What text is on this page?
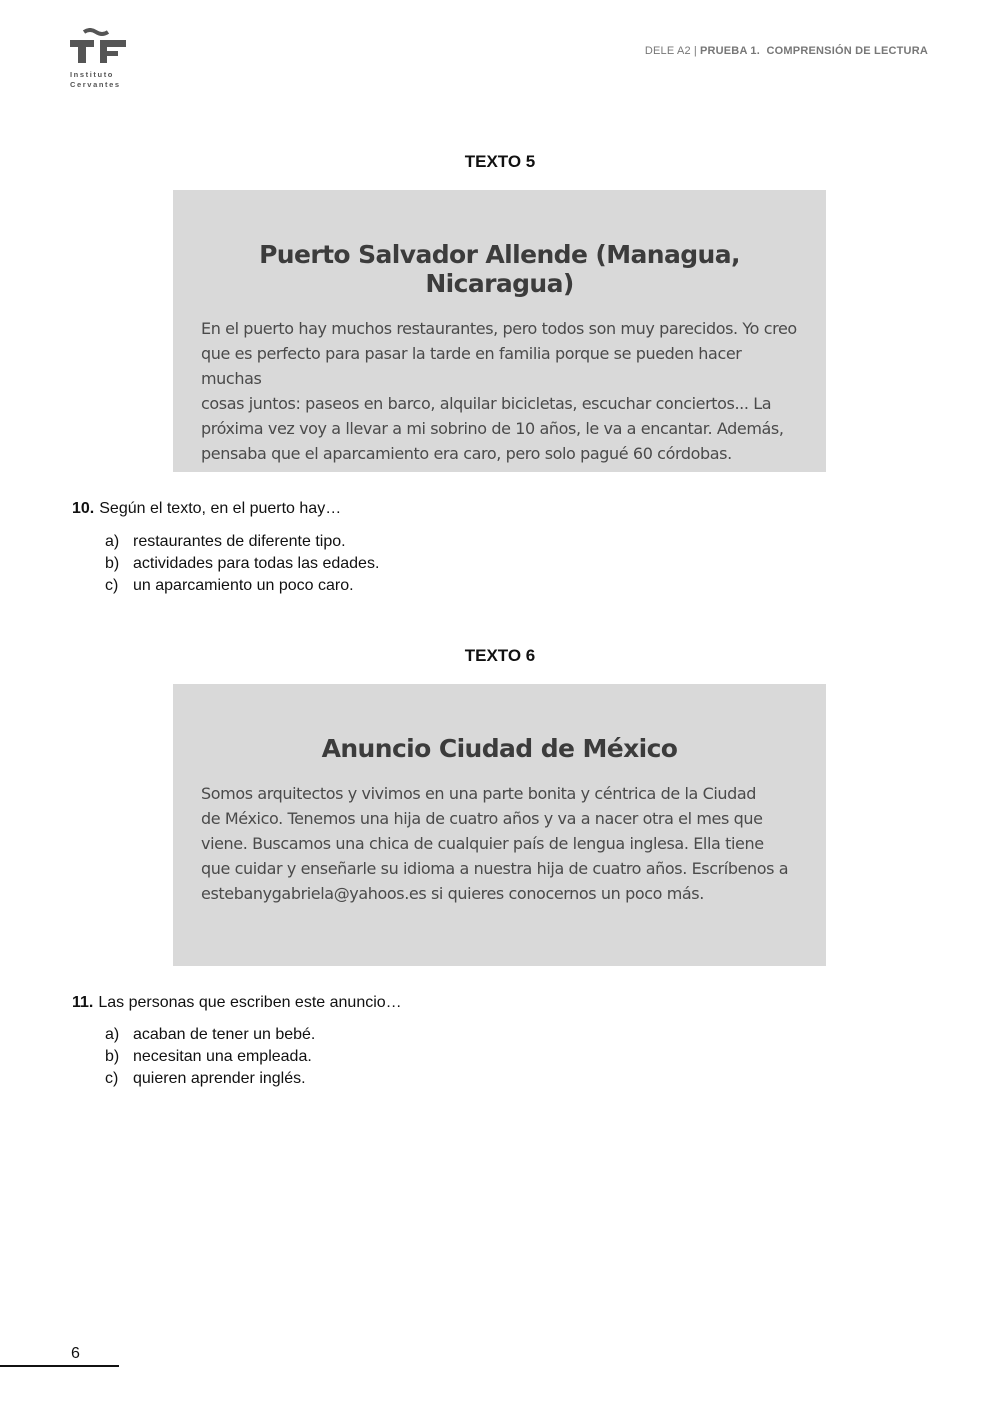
Instituto
Cervantes
DELE A2 | PRUEBA 1. COMPRENSIÓN DE LECTURA
TEXTO 5
Puerto Salvador Allende (Managua, Nicaragua)

En el puerto hay muchos restaurantes, pero todos son muy parecidos. Yo creo
que es perfecto para pasar la tarde en familia porque se pueden hacer muchas
cosas juntos: paseos en barco, alquilar bicicletas, escuchar conciertos... La
próxima vez voy a llevar a mi sobrino de 10 años, le va a encantar. Además,
pensaba que el aparcamiento era caro, pero solo pagué 60 córdobas.

10. Según el texto, en el puerto hay…
a) restaurantes de diferente tipo.
b) actividades para todas las edades.
c) un aparcamiento un poco caro.
TEXTO 6
Anuncio Ciudad de México

Somos arquitectos y vivimos en una parte bonita y céntrica de la Ciudad
de México. Tenemos una hija de cuatro años y va a nacer otra el mes que
viene. Buscamos una chica de cualquier país de lengua inglesa. Ella tiene
que cuidar y enseñarle su idioma a nuestra hija de cuatro años. Escríbenos a
estebanygabriela@yahoos.es si quieres conocernos un poco más.

11. Las personas que escriben este anuncio…
a) acaban de tener un bebé.
b) necesitan una empleada.
c) quieren aprender inglés.
6
